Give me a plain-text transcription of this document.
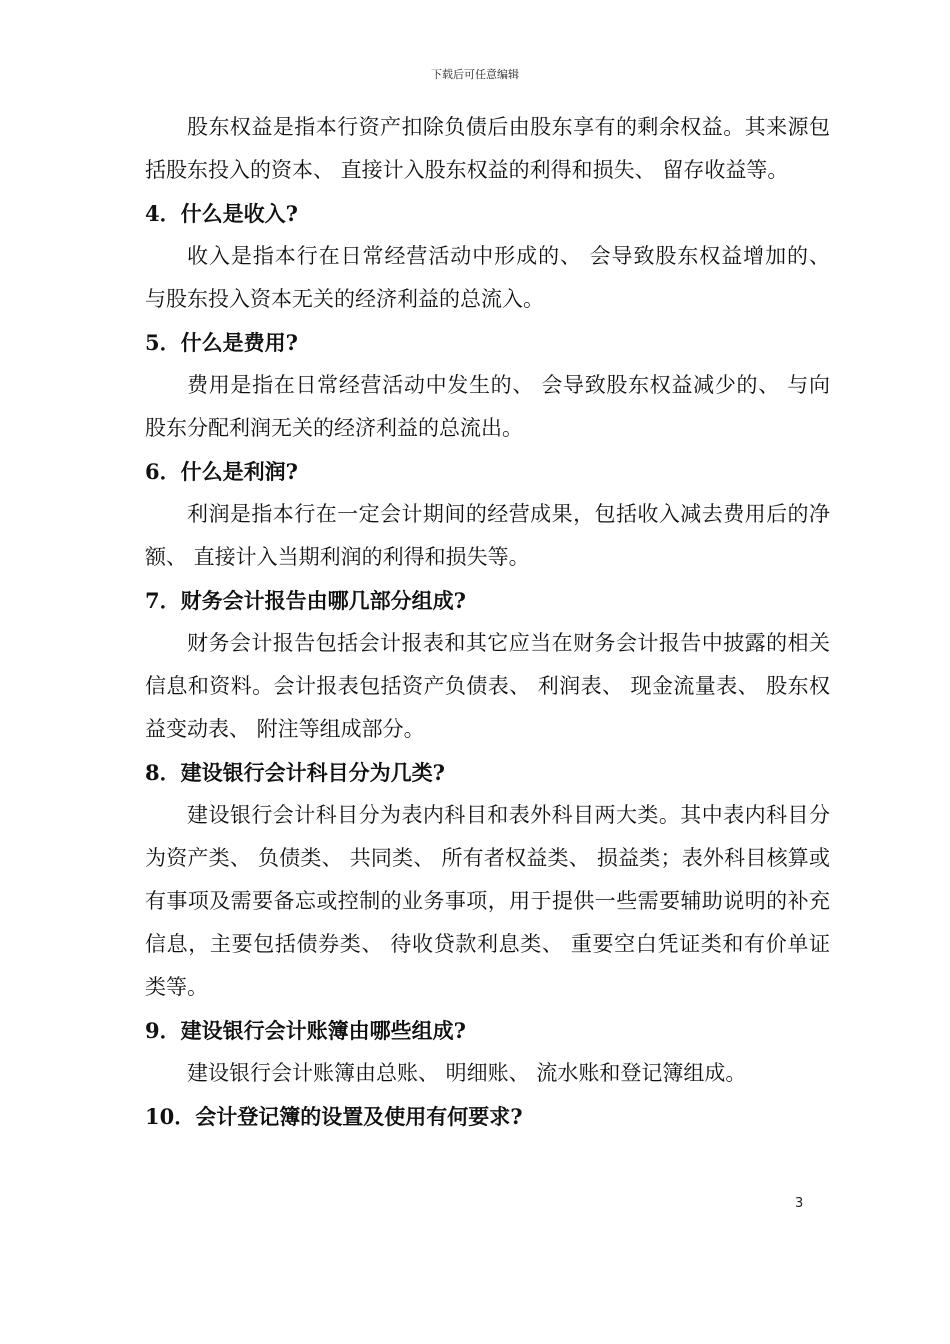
下载后可任意编辑

股东权益是指本行资产扣除负债后由股东享有的剩余权益。其来源包括股东投入的资本、 直接计入股东权益的利得和损失、 留存收益等。

4．什么是收入?

收入是指本行在日常经营活动中形成的、 会导致股东权益增加的、 与股东投入资本无关的经济利益的总流入。

5．什么是费用?

费用是指在日常经营活动中发生的、 会导致股东权益减少的、 与向股东分配利润无关的经济利益的总流出。

6．什么是利润?

利润是指本行在一定会计期间的经营成果，包括收入减去费用后的净额、 直接计入当期利润的利得和损失等。

7．财务会计报告由哪几部分组成?

财务会计报告包括会计报表和其它应当在财务会计报告中披露的相关信息和资料。会计报表包括资产负债表、 利润表、 现金流量表、 股东权益变动表、 附注等组成部分。

8．建设银行会计科目分为几类?

建设银行会计科目分为表内科目和表外科目两大类。其中表内科目分为资产类、 负债类、 共同类、 所有者权益类、 损益类；表外科目核算或有事项及需要备忘或控制的业务事项，用于提供一些需要辅助说明的补充信息，主要包括债券类、 待收贷款利息类、 重要空白凭证类和有价单证类等。

9．建设银行会计账簿由哪些组成?

建设银行会计账簿由总账、 明细账、 流水账和登记簿组成。

10．会计登记簿的设置及使用有何要求?

3
